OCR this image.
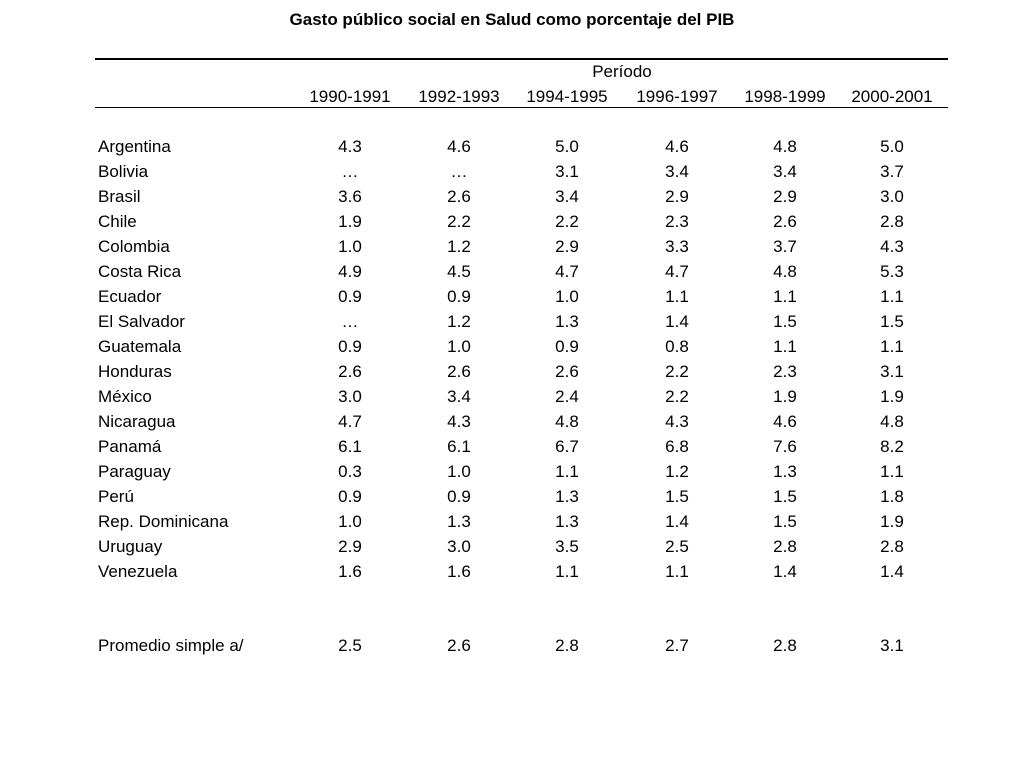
Gasto público social en Salud como porcentaje del PIB
Período
1990-1991	1992-1993	1994-1995	1996-1997	1998-1999	2000-2001
Argentina	4.3	4.6	5.0	4.6	4.8	5.0
Bolivia	…	…	3.1	3.4	3.4	3.7
Brasil	3.6	2.6	3.4	2.9	2.9	3.0
Chile	1.9	2.2	2.2	2.3	2.6	2.8
Colombia	1.0	1.2	2.9	3.3	3.7	4.3
Costa Rica	4.9	4.5	4.7	4.7	4.8	5.3
Ecuador	0.9	0.9	1.0	1.1	1.1	1.1
El Salvador	…	1.2	1.3	1.4	1.5	1.5
Guatemala	0.9	1.0	0.9	0.8	1.1	1.1
Honduras	2.6	2.6	2.6	2.2	2.3	3.1
México	3.0	3.4	2.4	2.2	1.9	1.9
Nicaragua	4.7	4.3	4.8	4.3	4.6	4.8
Panamá	6.1	6.1	6.7	6.8	7.6	8.2
Paraguay	0.3	1.0	1.1	1.2	1.3	1.1
Perú	0.9	0.9	1.3	1.5	1.5	1.8
Rep. Dominicana	1.0	1.3	1.3	1.4	1.5	1.9
Uruguay	2.9	3.0	3.5	2.5	2.8	2.8
Venezuela	1.6	1.6	1.1	1.1	1.4	1.4
Promedio simple a/	2.5	2.6	2.8	2.7	2.8	3.1
